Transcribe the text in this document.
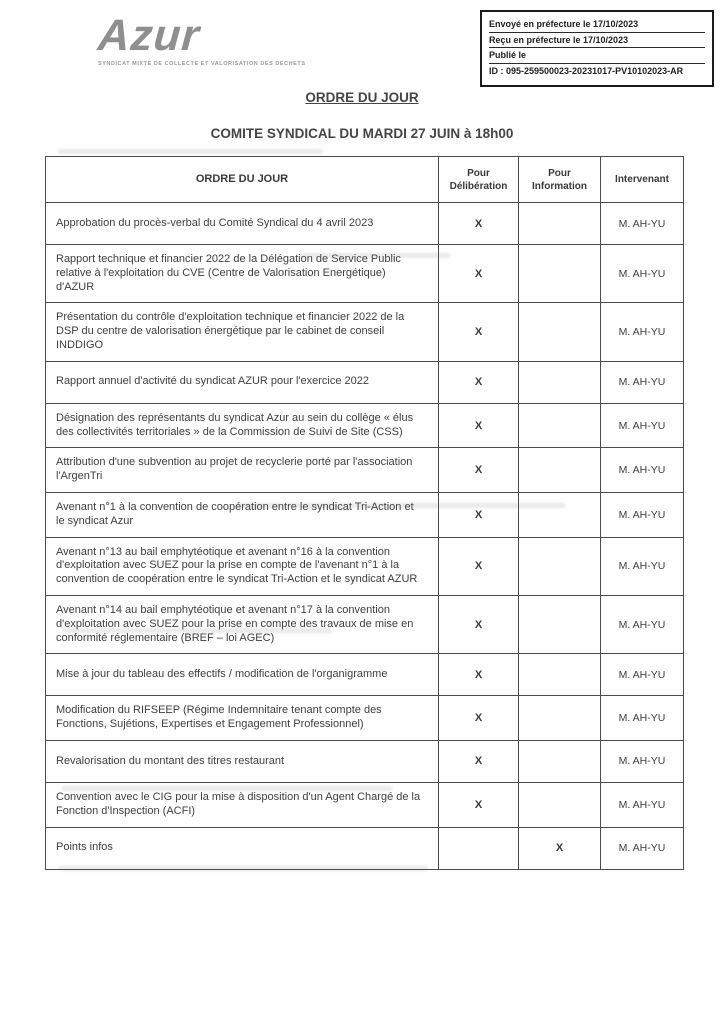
Azur
SYNDICAT MIXTE DE COLLECTE ET VALORISATION DES DECHETS
Envoyé en préfecture le 17/10/2023
Reçu en préfecture le 17/10/2023
Publié le
ID : 095-259500023-20231017-PV10102023-AR
ORDRE DU JOUR
COMITE SYNDICAL DU MARDI 27 JUIN à 18h00
ORDRE DU JOUR	Pour Délibération	Pour Information	Intervenant
Approbation du procès-verbal du Comité Syndical du 4 avril 2023	X		M. AH-YU
Rapport technique et financier 2022 de la Délégation de Service Public relative à l'exploitation du CVE (Centre de Valorisation Energétique) d'AZUR	X		M. AH-YU
Présentation du contrôle d'exploitation technique et financier 2022 de la DSP du centre de valorisation énergétique par le cabinet de conseil INDDIGO	X		M. AH-YU
Rapport annuel d'activité du syndicat AZUR pour l'exercice 2022	X		M. AH-YU
Désignation des représentants du syndicat Azur au sein du collège « élus des collectivités territoriales » de la Commission de Suivi de Site (CSS)	X		M. AH-YU
Attribution d'une subvention au projet de recyclerie porté par l'association l'ArgenTri	X		M. AH-YU
Avenant n°1 à la convention de coopération entre le syndicat Tri-Action et le syndicat Azur	X		M. AH-YU
Avenant n°13 au bail emphytéotique et avenant n°16 à la convention d'exploitation avec SUEZ pour la prise en compte de l'avenant n°1 à la convention de coopération entre le syndicat Tri-Action et le syndicat AZUR	X		M. AH-YU
Avenant n°14 au bail emphytéotique et avenant n°17 à la convention d'exploitation avec SUEZ pour la prise en compte des travaux de mise en conformité réglementaire (BREF – loi AGEC)	X		M. AH-YU
Mise à jour du tableau des effectifs / modification de l'organigramme	X		M. AH-YU
Modification du RIFSEEP (Régime Indemnitaire tenant compte des Fonctions, Sujétions, Expertises et Engagement Professionnel)	X		M. AH-YU
Revalorisation du montant des titres restaurant	X		M. AH-YU
Convention avec le CIG pour la mise à disposition d'un Agent Chargé de la Fonction d'Inspection (ACFI)	X		M. AH-YU
Points infos		X	M. AH-YU
